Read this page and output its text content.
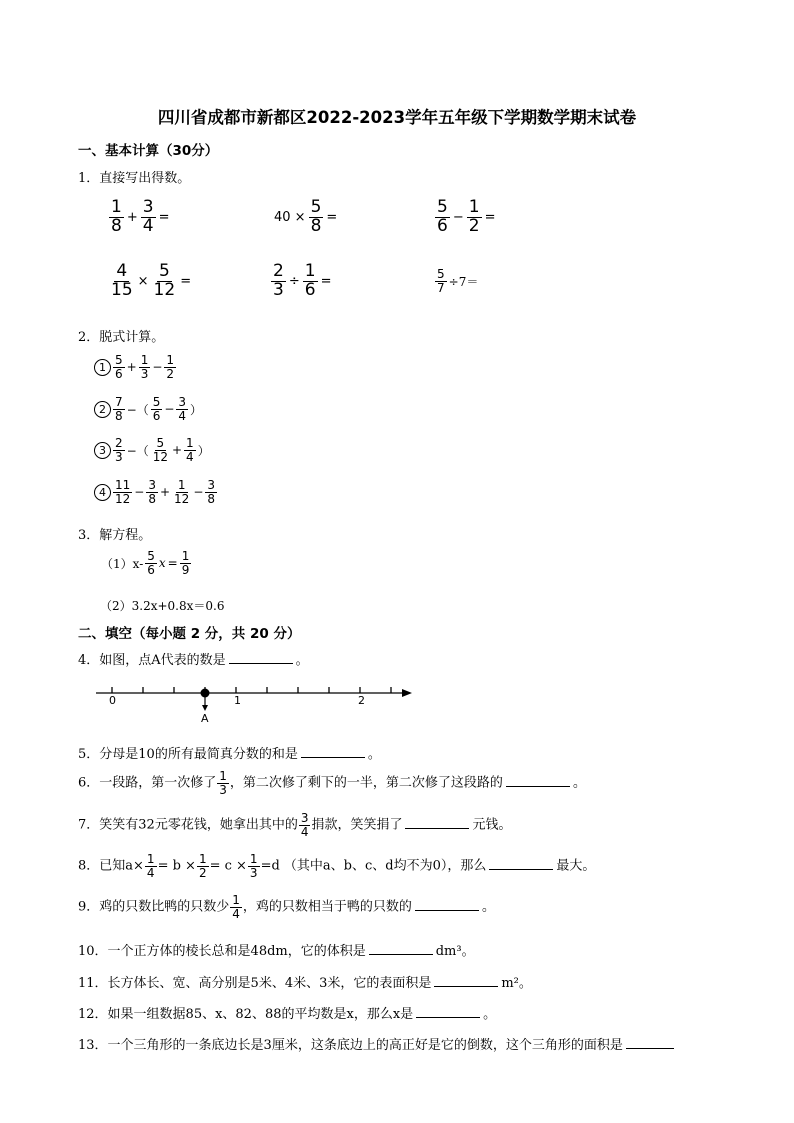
四川省成都市新都区2022-2023学年五年级下学期数学期末试卷
一、基本计算（30分）
1．直接写出得数。
$\frac{1}{8} + \frac{3}{4}$ =	$40 \times \frac{5}{8}$ =	$\frac{5}{6} - \frac{1}{2}$ =
$\frac{4}{15} \times \frac{5}{12}$ =	$\frac{2}{3} \div \frac{1}{6}$ =	$\frac{5}{7} \div 7=$
2．脱式计算。
$1 \frac{5}{6} + \frac{1}{3} - \frac{1}{2}$
$2 \frac{7}{8}$ −（ $\frac{5}{6} - \frac{3}{4}$ ）
$3 \frac{2}{3}$ −（ $\frac{5}{12} + \frac{1}{4}$ ）
$4 \frac{11}{12} - \frac{3}{8} + \frac{1}{12} - \frac{3}{8}$
3．解方程。
$(1)x- \frac{5}{6}$ $x = \frac{1}{9}$
（2）3.2x+0.8x＝0.6
二、填空（每小题 2 分，共 20 分）
4．如图，点A代表的数是	。
0	1	2
A
5．分母是10的所有最简真分数的和是	。
6．一段路，第一次修了 $\frac{1}{3}$ ，第二次修了剩下的一半，第二次修了这段路的	。
7．笑笑有32元零花钱，她拿出其中的 $\frac{3}{4}$ 捐款，笑笑捐了	元钱。
8．已知$a\times \frac{1}{4} = b \times \frac{1}{2} = c \times \frac{1}{3} =d$ （其中a、b、c、d均不为0），那么	最大。
9．鸡的只数比鸭的只数少 $\frac{1}{4}$ ，鸡的只数相当于鸭的只数的	。
10．一个正方体的棱长总和是48dm，它的体积是	dm³。
11．长方体长、宽、高分别是5米、4米、3米，它的表面积是	m²。
12．如果一组数据85、x、82、88的平均数是x，那么x是	。
13．一个三角形的一条底边长是3厘米，这条底边上的高正好是它的倒数，这个三角形的面积是
